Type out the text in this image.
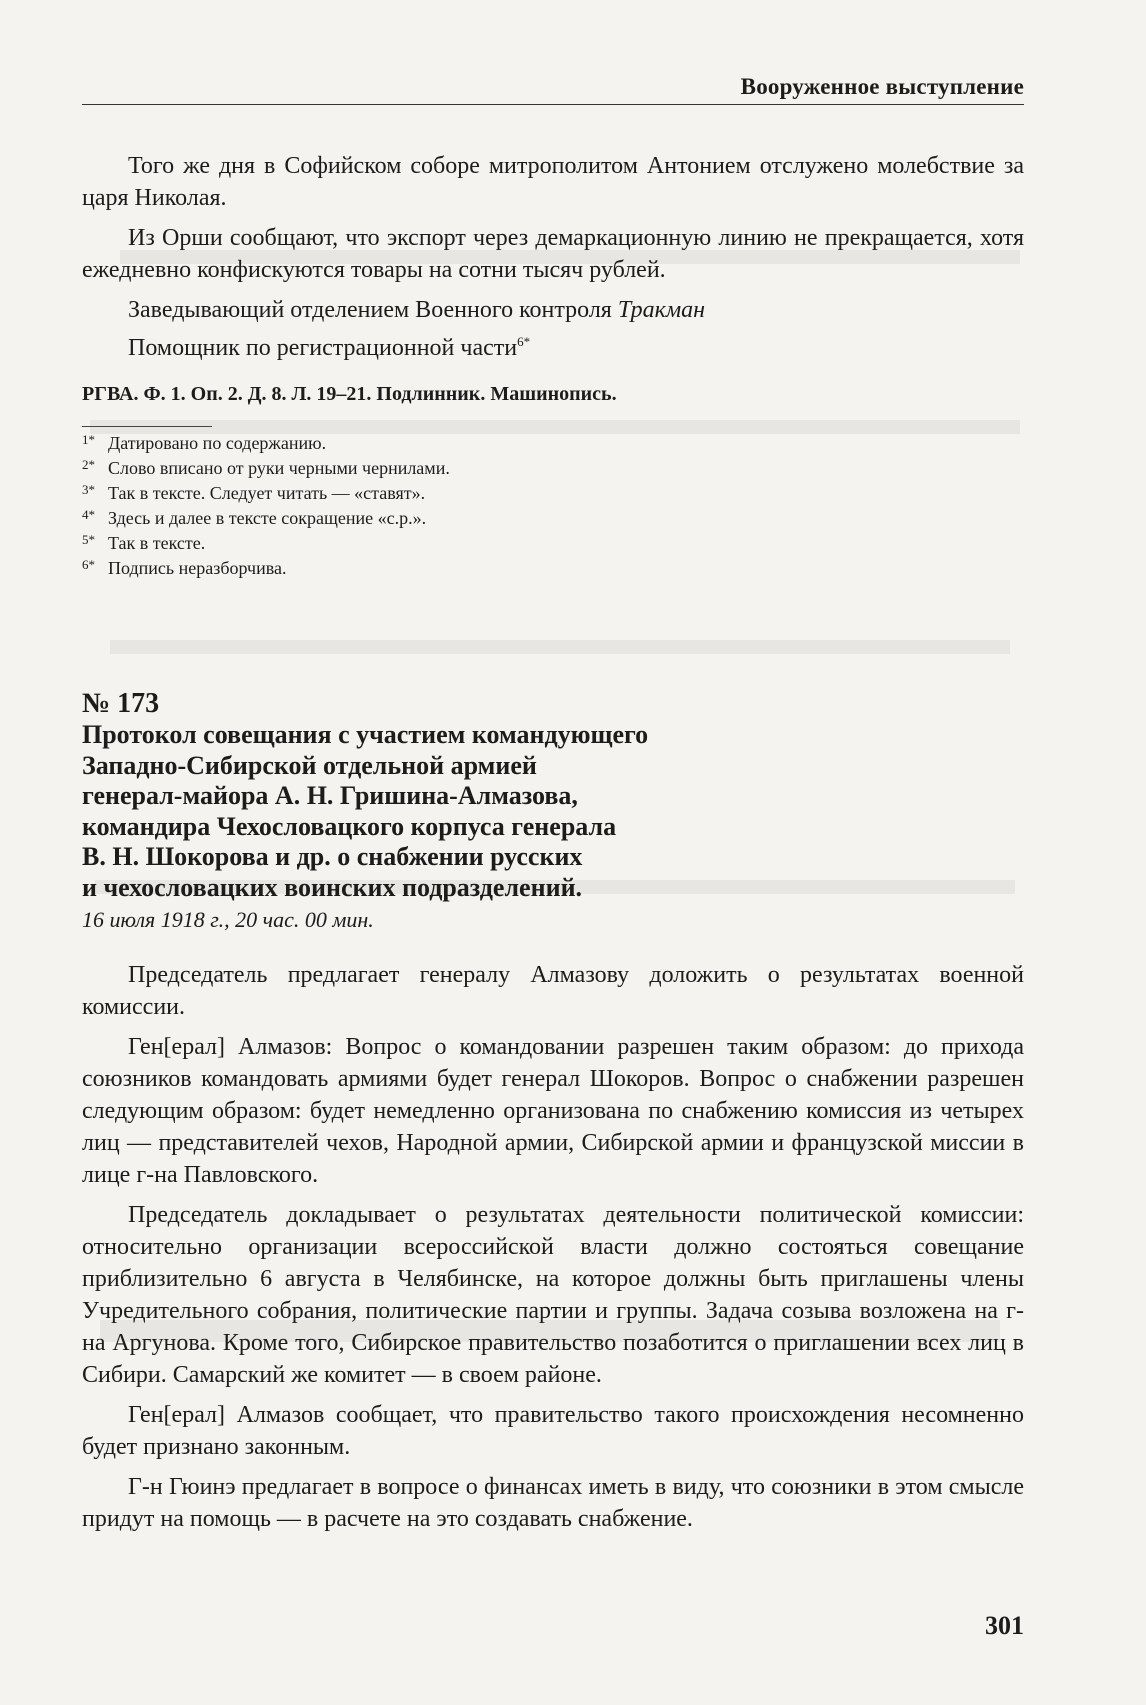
Вооруженное выступление

Того же дня в Софийском соборе митрополитом Антонием отслужено молебствие за царя Николая.

Из Орши сообщают, что экспорт через демаркационную линию не прекращается, хотя ежедневно конфискуются товары на сотни тысяч рублей.

Заведывающий отделением Военного контроля Тракман

Помощник по регистрационной части$^{6*}$

РГВА. Ф. 1. Оп. 2. Д. 8. Л. 19–21. Подлинник. Машинопись.
1* Датировано по содержанию.
2* Слово вписано от руки черными чернилами.
3* Так в тексте. Следует читать — «ставят».
4* Здесь и далее в тексте сокращение «с.р.».
5* Так в тексте.
6* Подпись неразборчива.
№ 173
Протокол совещания с участием командующего
Западно-Сибирской отдельной армией
генерал-майора А. Н. Гришина-Алмазова,
командира Чехословацкого корпуса генерала
В. Н. Шокорова и др. о снабжении русских
и чехословацких воинских подразделений.
16 июля 1918 г., 20 час. 00 мин.

Председатель предлагает генералу Алмазову доложить о результатах военной комиссии.

Ген[ерал] Алмазов: Вопрос о командовании разрешен таким образом: до прихода союзников командовать армиями будет генерал Шокоров. Вопрос о снабжении разрешен следующим образом: будет немедленно организована по снабжению комиссия из четырех лиц — представителей чехов, Народной армии, Сибирской армии и французской миссии в лице г-на Павловского.

Председатель докладывает о результатах деятельности политической комиссии: относительно организации всероссийской власти должно состояться совещание приблизительно 6 августа в Челябинске, на которое должны быть приглашены члены Учредительного собрания, политические партии и группы. Задача созыва возложена на г-на Аргунова. Кроме того, Сибирское правительство позаботится о приглашении всех лиц в Сибири. Самарский же комитет — в своем районе.

Ген[ерал] Алмазов сообщает, что правительство такого происхождения несомненно будет признано законным.

Г-н Гюинэ предлагает в вопросе о финансах иметь в виду, что союзники в этом смысле придут на помощь — в расчете на это создавать снабжение.

301
